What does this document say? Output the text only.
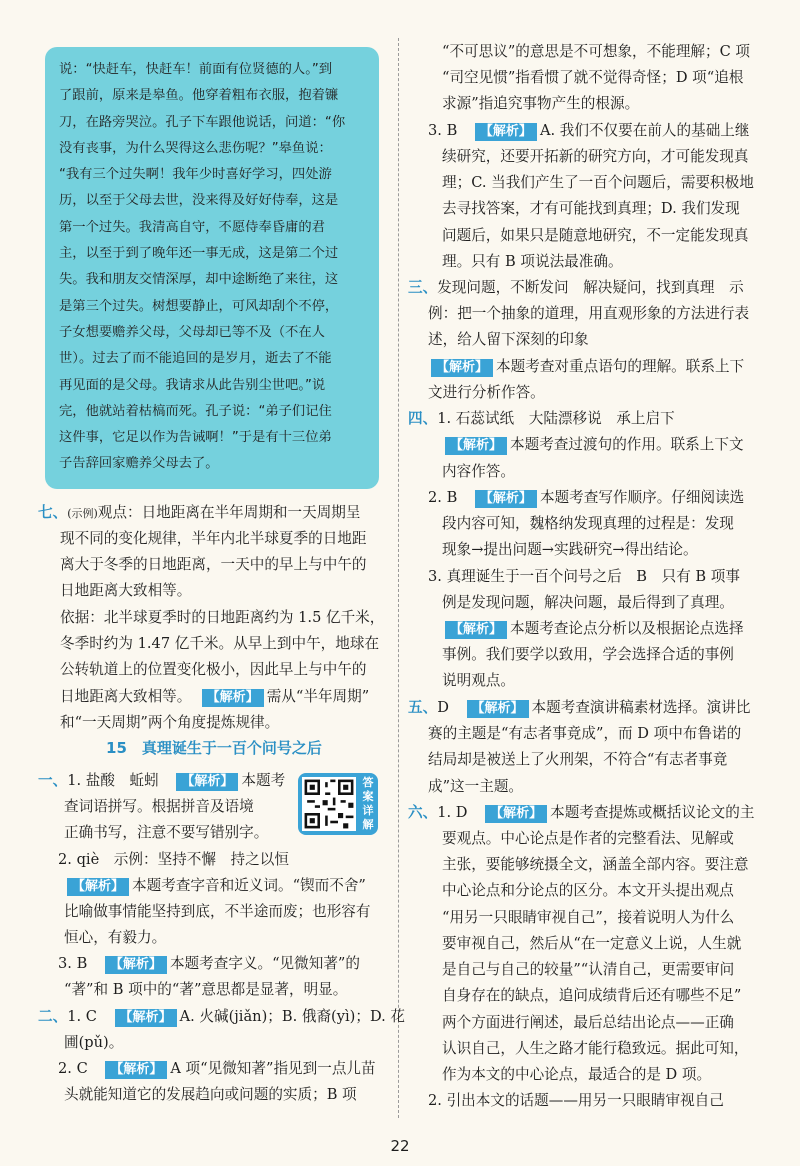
说：“快赶车，快赶车！前面有位贤德的人。”到
了跟前，原来是皋鱼。他穿着粗布衣服，抱着镰
刀，在路旁哭泣。孔子下车跟他说话，问道：“你
没有丧事，为什么哭得这么悲伤呢？”皋鱼说：
“我有三个过失啊！我年少时喜好学习，四处游
历，以至于父母去世，没来得及好好侍奉，这是
第一个过失。我清高自守，不愿侍奉昏庸的君
主，以至于到了晚年还一事无成，这是第二个过
失。我和朋友交情深厚，却中途断绝了来往，这
是第三个过失。树想要静止，可风却刮个不停，
子女想要赡养父母，父母却已等不及（不在人
世）。过去了而不能追回的是岁月，逝去了不能
再见面的是父母。我请求从此告别尘世吧。”说
完，他就站着枯槁而死。孔子说：“弟子们记住
这件事，它足以作为告诫啊！”于是有十三位弟
子告辞回家赡养父母去了。
七、(示例)观点：日地距离在半年周期和一天周期呈
现不同的变化规律，半年内北半球夏季的日地距
离大于冬季的日地距离，一天中的早上与中午的
日地距离大致相等。
依据：北半球夏季时的日地距离约为 1.5 亿千米，
冬季时约为 1.47 亿千米。从早上到中午，地球在
公转轨道上的位置变化极小，因此早上与中午的
日地距离大致相等。　【	解析 】 需从“半年周期”
和“一天周期”两个角度提炼规律。
15　真理诞生于一百个问号之后
一、1. 盐酸　蚯蚓　【 解析 】 本题考
查词语拼写。根据拼音及语境
正确书写，注意不要写错别字。
答案详解
2. qiè　示例：坚持不懈　持之以恒
【 解析 】 本题考查字音和近义词。“锲而不舍”
比喻做事情能坚持到底，不半途而废；也形容有
恒心，有毅力。
3. B　【 解析 】 本题考查字义。“见微知著”的
“著”和 B 项中的“著”意思都是显著，明显。
二、1. C　【 解析 】 A. 火碱(jiǎn)；B. 俄裔(yì)；D. 花
圃(pǔ)。
2. C　【 解析 】 A 项“见微知著”指见到一点儿苗
头就能知道它的发展趋向或问题的实质；B 项
“不可思议”的意思是不可想象，不能理解；C 项
“司空见惯”指看惯了就不觉得奇怪；D 项“追根
求源”指追究事物产生的根源。
3. B　【 解析 】 A. 我们不仅要在前人的基础上继
续研究，还要开拓新的研究方向，才可能发现真
理；C. 当我们产生了一百个问题后，需要积极地
去寻找答案，才有可能找到真理；D. 我们发现
问题后，如果只是随意地研究，不一定能发现真
理。只有 B 项说法最准确。
三、发现问题，不断发问　解决疑问，找到真理　示
例：把一个抽象的道理，用直观形象的方法进行表
述，给人留下深刻的印象
【 解析 】 本题考查对重点语句的理解。联系上下
文进行分析作答。
四、1. 石蕊试纸　大陆漂移说　承上启下
【 解析 】 本题考查过渡句的作用。联系上下文
内容作答。
2. B　【 解析 】 本题考查写作顺序。仔细阅读选
段内容可知，魏格纳发现真理的过程是：发现
现象→提出问题→实践研究→得出结论。
3. 真理诞生于一百个问号之后　B　只有 B 项事
例是发现问题，解决问题，最后得到了真理。
【 解析 】 本题考查论点分析以及根据论点选择
事例。我们要学以致用，学会选择合适的事例
说明观点。
五、D　【 解析 】 本题考查演讲稿素材选择。演讲比
赛的主题是“有志者事竟成”，而 D 项中布鲁诺的
结局却是被送上了火刑架，不符合“有志者事竟
成”这一主题。
六、1. D　【 解析 】 本题考查提炼或概括议论文的主
要观点。中心论点是作者的完整看法、见解或
主张，要能够统摄全文，涵盖全部内容。要注意
中心论点和分论点的区分。本文开头提出观点
“用另一只眼睛审视自己”，接着说明人为什么
要审视自己，然后从“在一定意义上说，人生就
是自己与自己的较量”“认清自己，更需要审问
自身存在的缺点，追问成绩背后还有哪些不足”
两个方面进行阐述，最后总结出论点——正确
认识自己，人生之路才能行稳致远。据此可知，
作为本文的中心论点，最适合的是 D 项。
2. 引出本文的话题——用另一只眼睛审视自己
22
